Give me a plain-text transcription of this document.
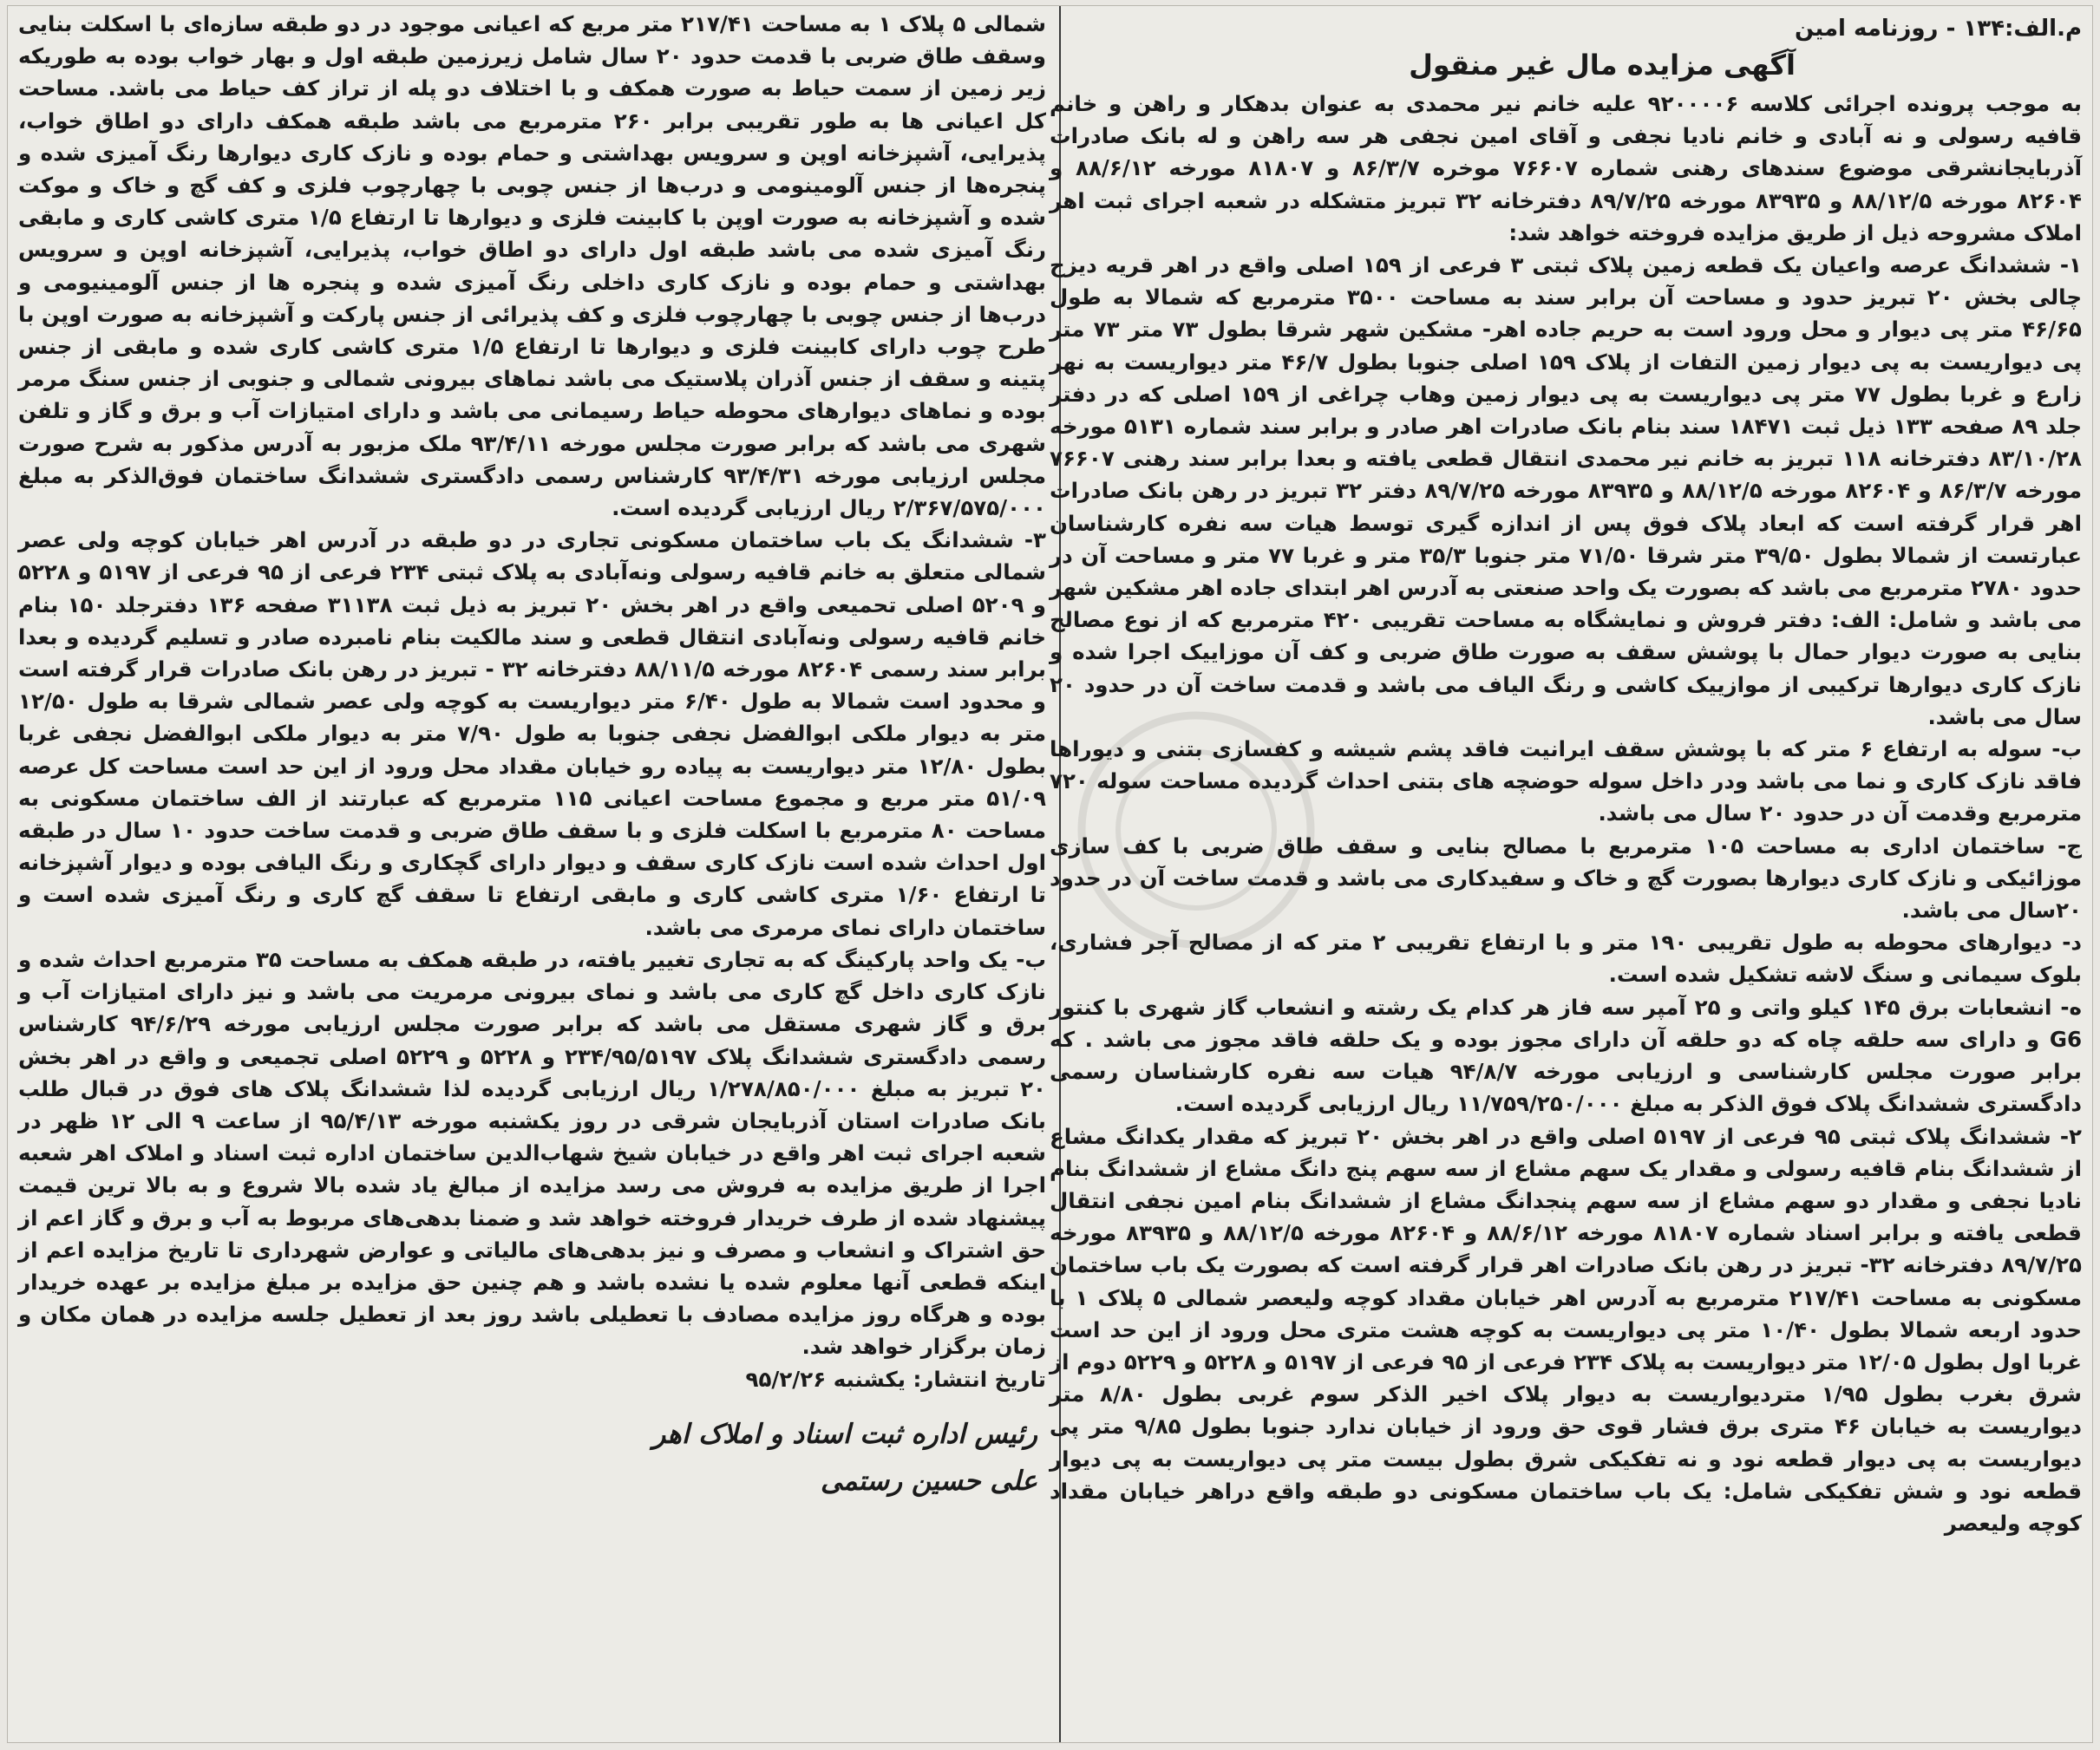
م.الف:۱۳۴ - روزنامه امین
آگهی مزایده مال غیر منقول

به موجب پرونده اجرائی کلاسه ۹۲۰۰۰۰۶ علیه خانم نیر محمدی به عنوان بدهکار و راهن و خانم قافیه رسولی و نه آبادی و خانم نادیا نجفی و آقای امین نجفی هر سه راهن و له بانک صادرات آذربایجانشرقی موضوع سندهای رهنی شماره ۷۶۶۰۷ موخره ۸۶/۳/۷ و ۸۱۸۰۷ مورخه ۸۸/۶/۱۲ و ۸۲۶۰۴ مورخه ۸۸/۱۲/۵ و ۸۳۹۳۵ مورخه ۸۹/۷/۲۵ دفترخانه ۳۲ تبریز متشکله در شعبه اجرای ثبت اهر املاک مشروحه ذیل از طریق مزایده فروخته خواهد شد:

۱- ششدانگ عرصه واعیان یک قطعه زمین پلاک ثبتی ۳ فرعی از ۱۵۹ اصلی واقع در اهر قریه دیزج چالی بخش ۲۰ تبریز حدود و مساحت آن برابر سند به مساحت ۳۵۰۰ مترمربع که شمالا به طول ۴۶/۶۵ متر پی دیوار و محل ورود است به حریم جاده اهر- مشکین شهر شرقا بطول ۷۳ متر ۷۳ متر پی دیواریست به پی دیوار زمین التفات از پلاک ۱۵۹ اصلی جنوبا بطول ۴۶/۷ متر دیواریست به نهر زارع و غربا بطول ۷۷ متر پی دیواریست به پی دیوار زمین وهاب چراغی از ۱۵۹ اصلی که در دفتر جلد ۸۹ صفحه ۱۳۳ ذیل ثبت ۱۸۴۷۱ سند بنام بانک صادرات اهر صادر و برابر سند شماره ۵۱۳۱ مورخه ۸۳/۱۰/۲۸ دفترخانه ۱۱۸ تبریز به خانم نیر محمدی انتقال قطعی یافته و بعدا برابر سند رهنی ۷۶۶۰۷ مورخه ۸۶/۳/۷ و ۸۲۶۰۴ مورخه ۸۸/۱۲/۵ و ۸۳۹۳۵ مورخه ۸۹/۷/۲۵ دفتر ۳۲ تبریز در رهن بانک صادرات اهر قرار گرفته است که ابعاد پلاک فوق پس از اندازه گیری توسط هیات سه نفره کارشناسان عبارتست از شمالا بطول ۳۹/۵۰ متر شرقا ۷۱/۵۰ متر جنوبا ۳۵/۳ متر و غربا ۷۷ متر و مساحت آن در حدود ۲۷۸۰ مترمربع می باشد که بصورت یک واحد صنعتی به آدرس اهر ابتدای جاده اهر مشکین شهر می باشد و شامل: الف: دفتر فروش و نمایشگاه به مساحت تقریبی ۴۲۰ مترمربع که از نوع مصالح بنایی به صورت دیوار حمال با پوشش سقف به صورت طاق ضربی و کف آن موزاییک اجرا شده و نازک کاری دیوارها ترکیبی از موازییک کاشی و رنگ الیاف می باشد و قدمت ساخت آن در حدود ۲۰ سال می باشد.

ب- سوله به ارتفاع ۶ متر که با پوشش سقف ایرانیت فاقد پشم شیشه و کفسازی بتنی و دیوراها فاقد نازک کاری و نما می باشد ودر داخل سوله حوضچه های بتنی احداث گردیده مساحت سوله ۷۲۰ مترمربع وقدمت آن در حدود ۲۰ سال می باشد.

ج- ساختمان اداری به مساحت ۱۰۵ مترمربع با مصالح بنایی و سقف طاق ضربی با کف سازی موزائیکی و نازک کاری دیوارها بصورت گچ و خاک و سفیدکاری می باشد و قدمت ساخت آن در حدود ۲۰سال می باشد.

د- دیوارهای محوطه به طول تقریبی ۱۹۰ متر و با ارتفاع تقریبی ۲ متر که از مصالح آجر فشاری، بلوک سیمانی و سنگ لاشه تشکیل شده است.

ه- انشعابات برق ۱۴۵ کیلو واتی و ۲۵ آمپر سه فاز هر کدام یک رشته و انشعاب گاز شهری با کنتور G6 و دارای سه حلقه چاه که دو حلقه آن دارای مجوز بوده و یک حلقه فاقد مجوز می باشد . که برابر صورت مجلس کارشناسی و ارزیابی مورخه ۹۴/۸/۷ هیات سه نفره کارشناسان رسمی دادگستری ششدانگ پلاک فوق الذکر به مبلغ ۱۱/۷۵۹/۲۵۰/۰۰۰ ریال ارزیابی گردیده است.

۲- ششدانگ پلاک ثبتی ۹۵ فرعی از ۵۱۹۷ اصلی واقع در اهر بخش ۲۰ تبریز که مقدار یکدانگ مشاع از ششدانگ بنام قافیه رسولی و مقدار یک سهم مشاع از سه سهم پنج دانگ مشاع از ششدانگ بنام نادیا نجفی و مقدار دو سهم مشاع از سه سهم پنجدانگ مشاع از ششدانگ بنام امین نجفی انتقال قطعی یافته و برابر اسناد شماره ۸۱۸۰۷ مورخه ۸۸/۶/۱۲ و ۸۲۶۰۴ مورخه ۸۸/۱۲/۵ و ۸۳۹۳۵ مورخه ۸۹/۷/۲۵ دفترخانه ۳۲- تبریز در رهن بانک صادرات اهر قرار گرفته است که بصورت یک باب ساختمان مسکونی به مساحت ۲۱۷/۴۱ مترمربع به آدرس اهر خیابان مقداد کوچه ولیعصر شمالی ۵ پلاک ۱ با حدود اربعه شمالا بطول ۱۰/۴۰ متر پی دیواریست به کوچه هشت متری محل ورود از این حد است غربا اول بطول ۱۲/۰۵ متر دیواریست به پلاک ۲۳۴ فرعی از ۹۵ فرعی از ۵۱۹۷ و ۵۲۲۸ و ۵۲۲۹ دوم از شرق بغرب بطول ۱/۹۵ متردیواریست به دیوار پلاک اخیر الذکر سوم غربی بطول ۸/۸۰ متر دیواریست به خیابان ۴۶ متری برق فشار قوی حق ورود از خیابان ندارد جنوبا بطول ۹/۸۵ متر پی دیواریست به پی دیوار قطعه نود و نه تفکیکی شرق بطول بیست متر پی دیواریست به پی دیوار قطعه نود و شش تفکیکی شامل: یک باب ساختمان مسکونی دو طبقه واقع دراهر خیابان مقداد کوچه ولیعصر

شمالی ۵ پلاک ۱ به مساحت ۲۱۷/۴۱ متر مربع که اعیانی موجود در دو طبقه سازه‌ای با اسکلت بنایی وسقف طاق ضربی با قدمت حدود ۲۰ سال شامل زیرزمین طبقه اول و بهار خواب بوده به طوریکه زیر زمین از سمت حیاط به صورت همکف و با اختلاف دو پله از تراز کف حیاط می باشد. مساحت کل اعیانی ها به طور تقریبی برابر ۲۶۰ مترمربع می باشد طبقه همکف دارای دو اطاق خواب، پذیرایی، آشپزخانه اوپن و سرویس بهداشتی و حمام بوده و نازک کاری دیوارها رنگ آمیزی شده و پنجره‌ها از جنس آلومینومی و درب‌ها از جنس چوبی با چهارچوب فلزی و کف گچ و خاک و موکت شده و آشپزخانه به صورت اوپن با کابینت فلزی و دیوارها تا ارتفاع ۱/۵ متری کاشی کاری و مابقی رنگ آمیزی شده می باشد طبقه اول دارای دو اطاق خواب، پذیرایی، آشپزخانه اوپن و سرویس بهداشتی و حمام بوده و نازک کاری داخلی رنگ آمیزی شده و پنجره ها از جنس آلومینیومی و درب‌ها از جنس چوبی با چهارچوب فلزی و کف پذیرائی از جنس پارکت و آشپزخانه به صورت اوپن با طرح چوب دارای کابینت فلزی و دیوارها تا ارتفاع ۱/۵ متری کاشی کاری شده و مابقی از جنس پتینه و سقف از جنس آذران پلاستیک می باشد نماهای بیرونی شمالی و جنوبی از جنس سنگ مرمر بوده و نماهای دیوارهای محوطه حیاط رسیمانی می باشد و دارای امتیازات آب و برق و گاز و تلفن شهری می باشد که برابر صورت مجلس مورخه ۹۳/۴/۱۱ ملک مزبور به آدرس مذکور به شرح صورت مجلس ارزیابی مورخه ۹۳/۴/۳۱ کارشناس رسمی دادگستری ششدانگ ساختمان فوق‌الذکر به مبلغ ۲/۳۶۷/۵۷۵/۰۰۰ ریال ارزیابی گردیده است.

۳- ششدانگ یک باب ساختمان مسکونی تجاری در دو طبقه در آدرس اهر خیابان کوچه ولی عصر شمالی متعلق به خانم قافیه رسولی ونه‌آبادی به پلاک ثبتی ۲۳۴ فرعی از ۹۵ فرعی از ۵۱۹۷ و ۵۲۲۸ و ۵۲۰۹ اصلی تحمیعی واقع در اهر بخش ۲۰ تبریز به ذیل ثبت ۳۱۱۳۸ صفحه ۱۳۶ دفترجلد ۱۵۰ بنام خانم قافیه رسولی ونه‌آبادی انتقال قطعی و سند مالکیت بنام نامبرده صادر و تسلیم گردیده و بعدا برابر سند رسمی ۸۲۶۰۴ مورخه ۸۸/۱۱/۵ دفترخانه ۳۲ - تبریز در رهن بانک صادرات قرار گرفته است و محدود است شمالا به طول ۶/۴۰ متر دیواریست به کوچه ولی عصر شمالی شرقا به طول ۱۲/۵۰ متر به دیوار ملکی ابوالفضل نجفی جنوبا به طول ۷/۹۰ متر به دیوار ملکی ابوالفضل نجفی غربا بطول ۱۲/۸۰ متر دیواریست به پیاده رو خیابان مقداد محل ورود از این حد است مساحت کل عرصه ۵۱/۰۹ متر مربع و مجموع مساحت اعیانی ۱۱۵ مترمربع که عبارتند از الف ساختمان مسکونی به مساحت ۸۰ مترمربع با اسکلت فلزی و با سقف طاق ضربی و قدمت ساخت حدود ۱۰ سال در طبقه اول احداث شده است نازک کاری سقف و دیوار دارای گچکاری و رنگ الیافی بوده و دیوار آشپزخانه تا ارتفاع ۱/۶۰ متری کاشی کاری و مابقی ارتفاع تا سقف گچ کاری و رنگ آمیزی شده است و ساختمان دارای نمای مرمری می باشد.

ب- یک واحد پارکینگ که به تجاری تغییر یافته، در طبقه همکف به مساحت ۳۵ مترمربع احداث شده و نازک کاری داخل گچ کاری می باشد و نمای بیرونی مرمریت می باشد و نیز دارای امتیازات آب و برق و گاز شهری مستقل می باشد که برابر صورت مجلس ارزیابی مورخه ۹۴/۶/۲۹ کارشناس رسمی دادگستری ششدانگ پلاک ۲۳۴/۹۵/۵۱۹۷ و ۵۲۲۸ و ۵۲۲۹ اصلی تجمیعی و واقع در اهر بخش ۲۰ تبریز به مبلغ ۱/۲۷۸/۸۵۰/۰۰۰ ریال ارزیابی گردیده لذا ششدانگ پلاک های فوق در قبال طلب بانک صادرات استان آذربایجان شرقی در روز یکشنبه مورخه ۹۵/۴/۱۳ از ساعت ۹ الی ۱۲ ظهر در شعبه اجرای ثبت اهر واقع در خیابان شیخ شهاب‌الدین ساختمان اداره ثبت اسناد و املاک اهر شعبه اجرا از طریق مزایده به فروش می رسد مزایده از مبالغ یاد شده بالا شروع و به بالا ترین قیمت پیشنهاد شده از طرف خریدار فروخته خواهد شد و ضمنا بدهی‌های مربوط به آب و برق و گاز اعم از حق اشتراک و انشعاب و مصرف و نیز بدهی‌های مالیاتی و عوارض شهرداری تا تاریخ مزایده اعم از اینکه قطعی آنها معلوم شده یا نشده باشد و هم چنین حق مزایده بر مبلغ مزایده بر عهده خریدار بوده و هرگاه روز مزایده مصادف با تعطیلی باشد روز بعد از تعطیل جلسه مزایده در همان مکان و زمان برگزار خواهد شد.

تاریخ انتشار: یکشنبه ۹۵/۲/۲۶

رئیس اداره ثبت اسناد و املاک اهر
علی حسین رستمی
